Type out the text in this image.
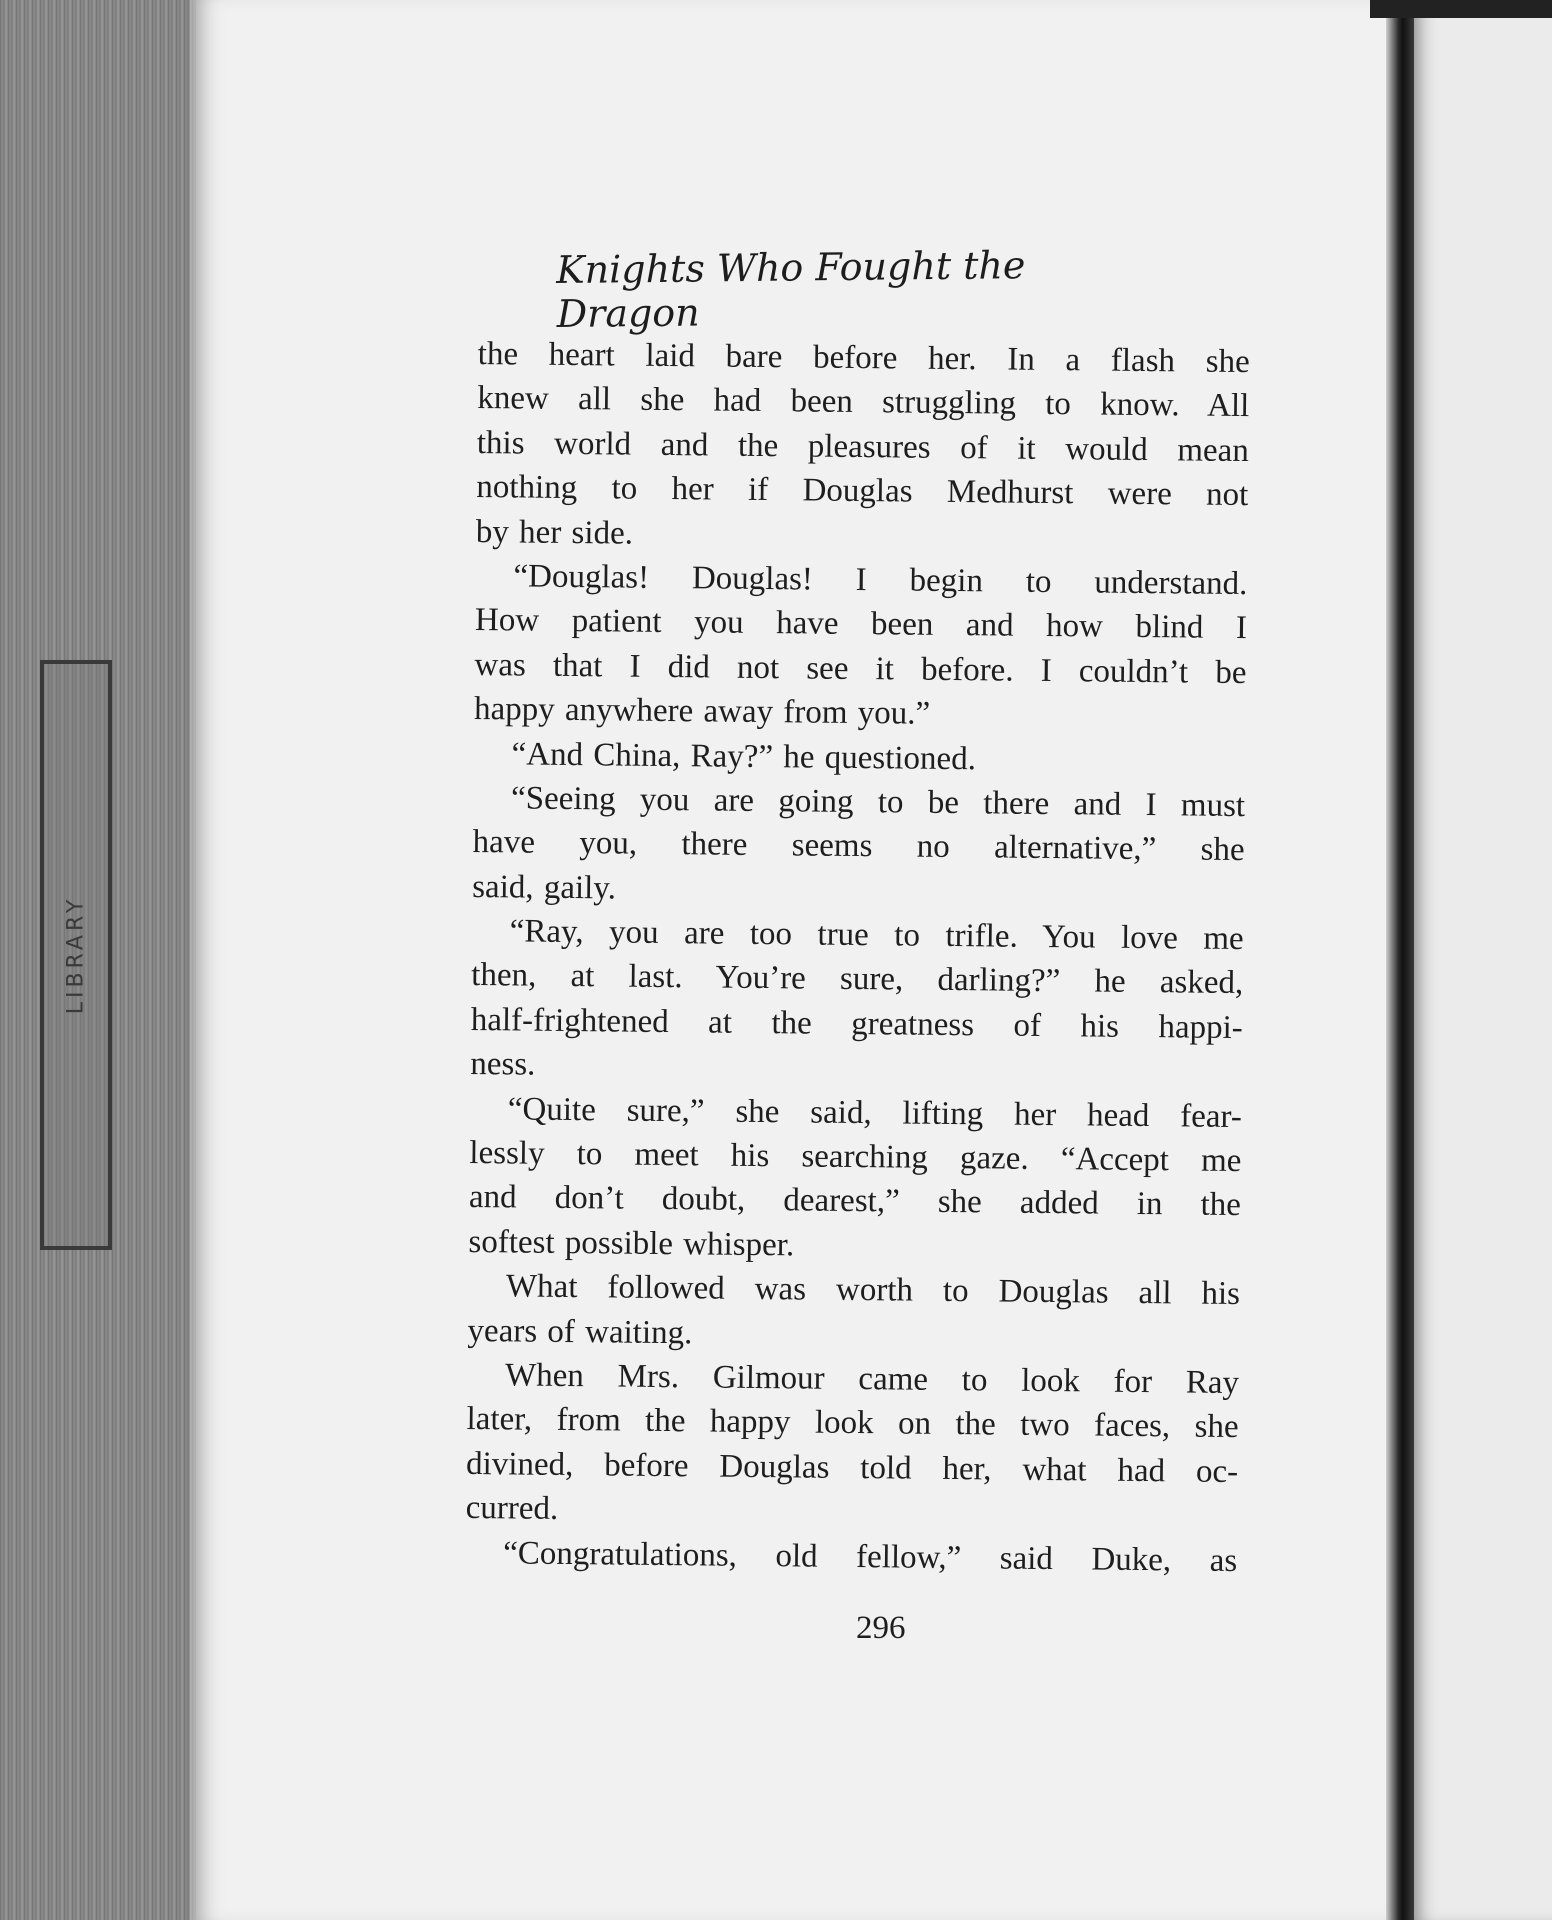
LIBRARY
Knights Who Fought the Dragon
the heart laid bare before her. In a flash she
knew all she had been struggling to know. All
this world and the pleasures of it would mean
nothing to her if Douglas Medhurst were not
by her side.
“Douglas! Douglas! I begin to understand.
How patient you have been and how blind I
was that I did not see it before. I couldn’t be
happy anywhere away from you.”
“And China, Ray?” he questioned.
“Seeing you are going to be there and I must
have you, there seems no alternative,” she
said, gaily.
“Ray, you are too true to trifle. You love me
then, at last. You’re sure, darling?” he asked,
half-frightened at the greatness of his happi-
ness.
“Quite sure,” she said, lifting her head fear-
lessly to meet his searching gaze. “Accept me
and don’t doubt, dearest,” she added in the
softest possible whisper.
What followed was worth to Douglas all his
years of waiting.
When Mrs. Gilmour came to look for Ray
later, from the happy look on the two faces, she
divined, before Douglas told her, what had oc-
curred.
“Congratulations, old fellow,” said Duke, as
296
